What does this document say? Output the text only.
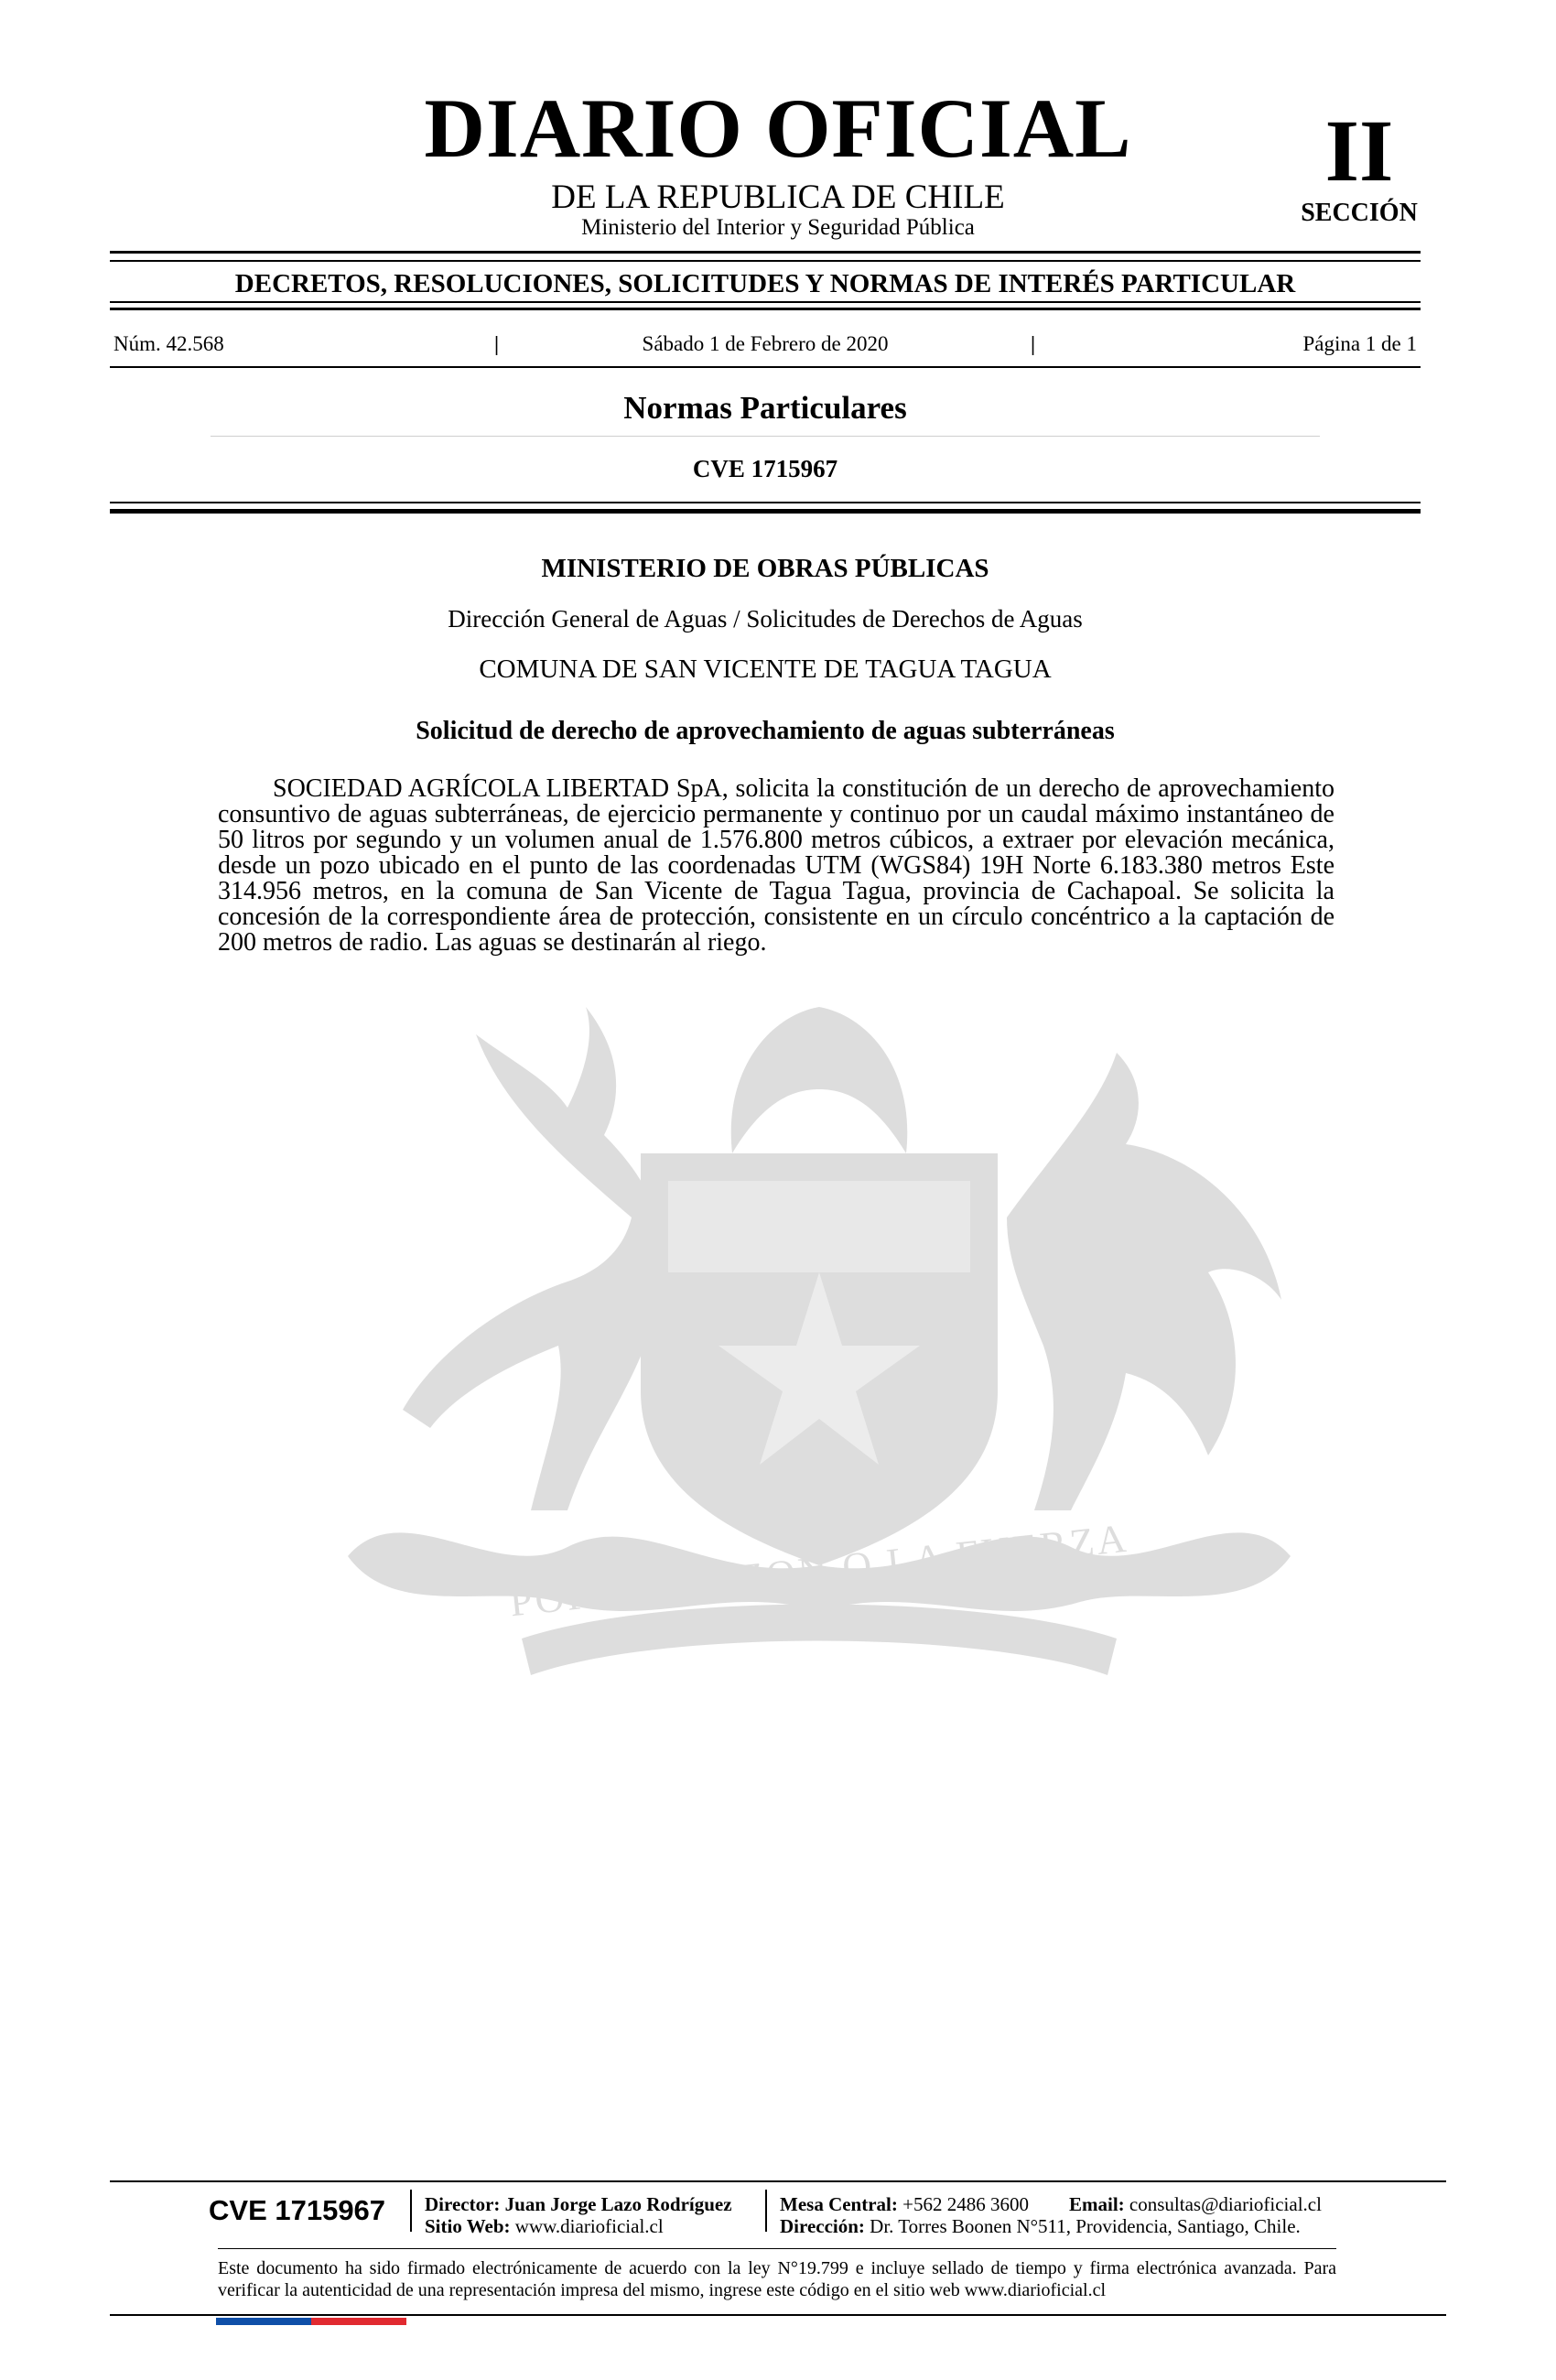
DIARIO OFICIAL
DE LA REPUBLICA DE CHILE
Ministerio del Interior y Seguridad Pública
II
SECCIÓN
DECRETOS, RESOLUCIONES, SOLICITUDES Y NORMAS DE INTERÉS PARTICULAR
Núm. 42.568	|	Sábado 1 de Febrero de 2020	|	Página 1 de 1
Normas Particulares
CVE 1715967
POR LA RAZON O LA FUERZA
MINISTERIO DE OBRAS PÚBLICAS
Dirección General de Aguas / Solicitudes de Derechos de Aguas
COMUNA DE SAN VICENTE DE TAGUA TAGUA
Solicitud de derecho de aprovechamiento de aguas subterráneas
SOCIEDAD AGRÍCOLA LIBERTAD SpA, solicita la constitución de un derecho de aprovechamiento consuntivo de aguas subterráneas, de ejercicio permanente y continuo por un caudal máximo instantáneo de 50 litros por segundo y un volumen anual de 1.576.800 metros cúbicos, a extraer por elevación mecánica, desde un pozo ubicado en el punto de las coordenadas UTM (WGS84) 19H Norte 6.183.380 metros Este 314.956 metros, en la comuna de San Vicente de Tagua Tagua, provincia de Cachapoal. Se solicita la concesión de la correspondiente área de protección, consistente en un círculo concéntrico a la captación de 200 metros de radio. Las aguas se destinarán al riego.
CVE 1715967	Director: Juan Jorge Lazo Rodríguez
Sitio Web: www.diarioficial.cl
Mesa Central: +562 2486 3600 Email: consultas@diarioficial.cl
Dirección: Dr. Torres Boonen N°511, Providencia, Santiago, Chile.
Este documento ha sido firmado electrónicamente de acuerdo con la ley N°19.799 e incluye sellado de tiempo y firma electrónica avanzada. Para verificar la autenticidad de una representación impresa del mismo, ingrese este código en el sitio web www.diarioficial.cl
